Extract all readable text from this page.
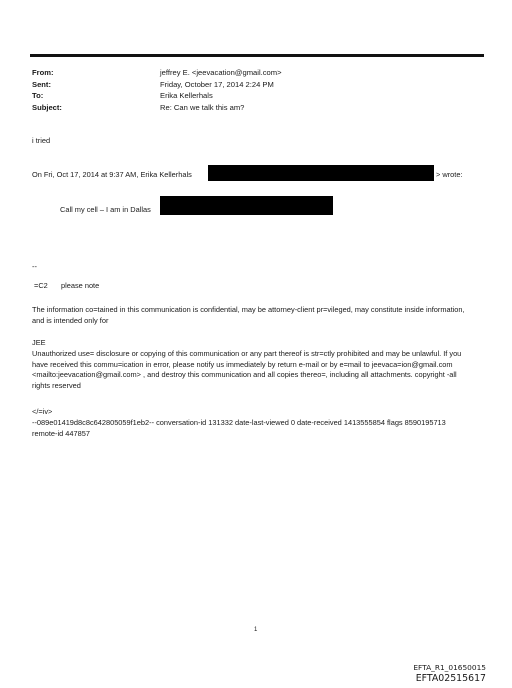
From:	jeffrey E. <jeevacation@gmail.com>
Sent:	Friday, October 17, 2014 2:24 PM
To:	Erika Kellerhals
Subject:	Re: Can we talk this am?
i tried
On Fri, Oct 17, 2014 at 9:37 AM, Erika Kellerhals	> wrote:
Call my cell – I am in Dallas
--
=C2 please note
The information co=tained in this communication is confidential, may be attorney-client pr=vileged, may constitute inside information, and is intended only for
JEE
Unauthorized use= disclosure or copying of this communication or any part thereof is str=ctly prohibited and may be unlawful. If you have received this commu=ication in error, please notify us immediately by return e-mail or by e=mail to jeevaca=ion@gmail.com <mailto:jeevacation@gmail.com> , and destroy this communication and all copies thereo=, including all attachments. copyright -all rights reserved
</=iv>
--089e01419d8c8c642805059f1eb2-- conversation-id 131332 date-last-viewed 0 date-received 1413555854 flags 8590195713 remote-id 447857
1
EFTA_R1_01650015
EFTA02515617
